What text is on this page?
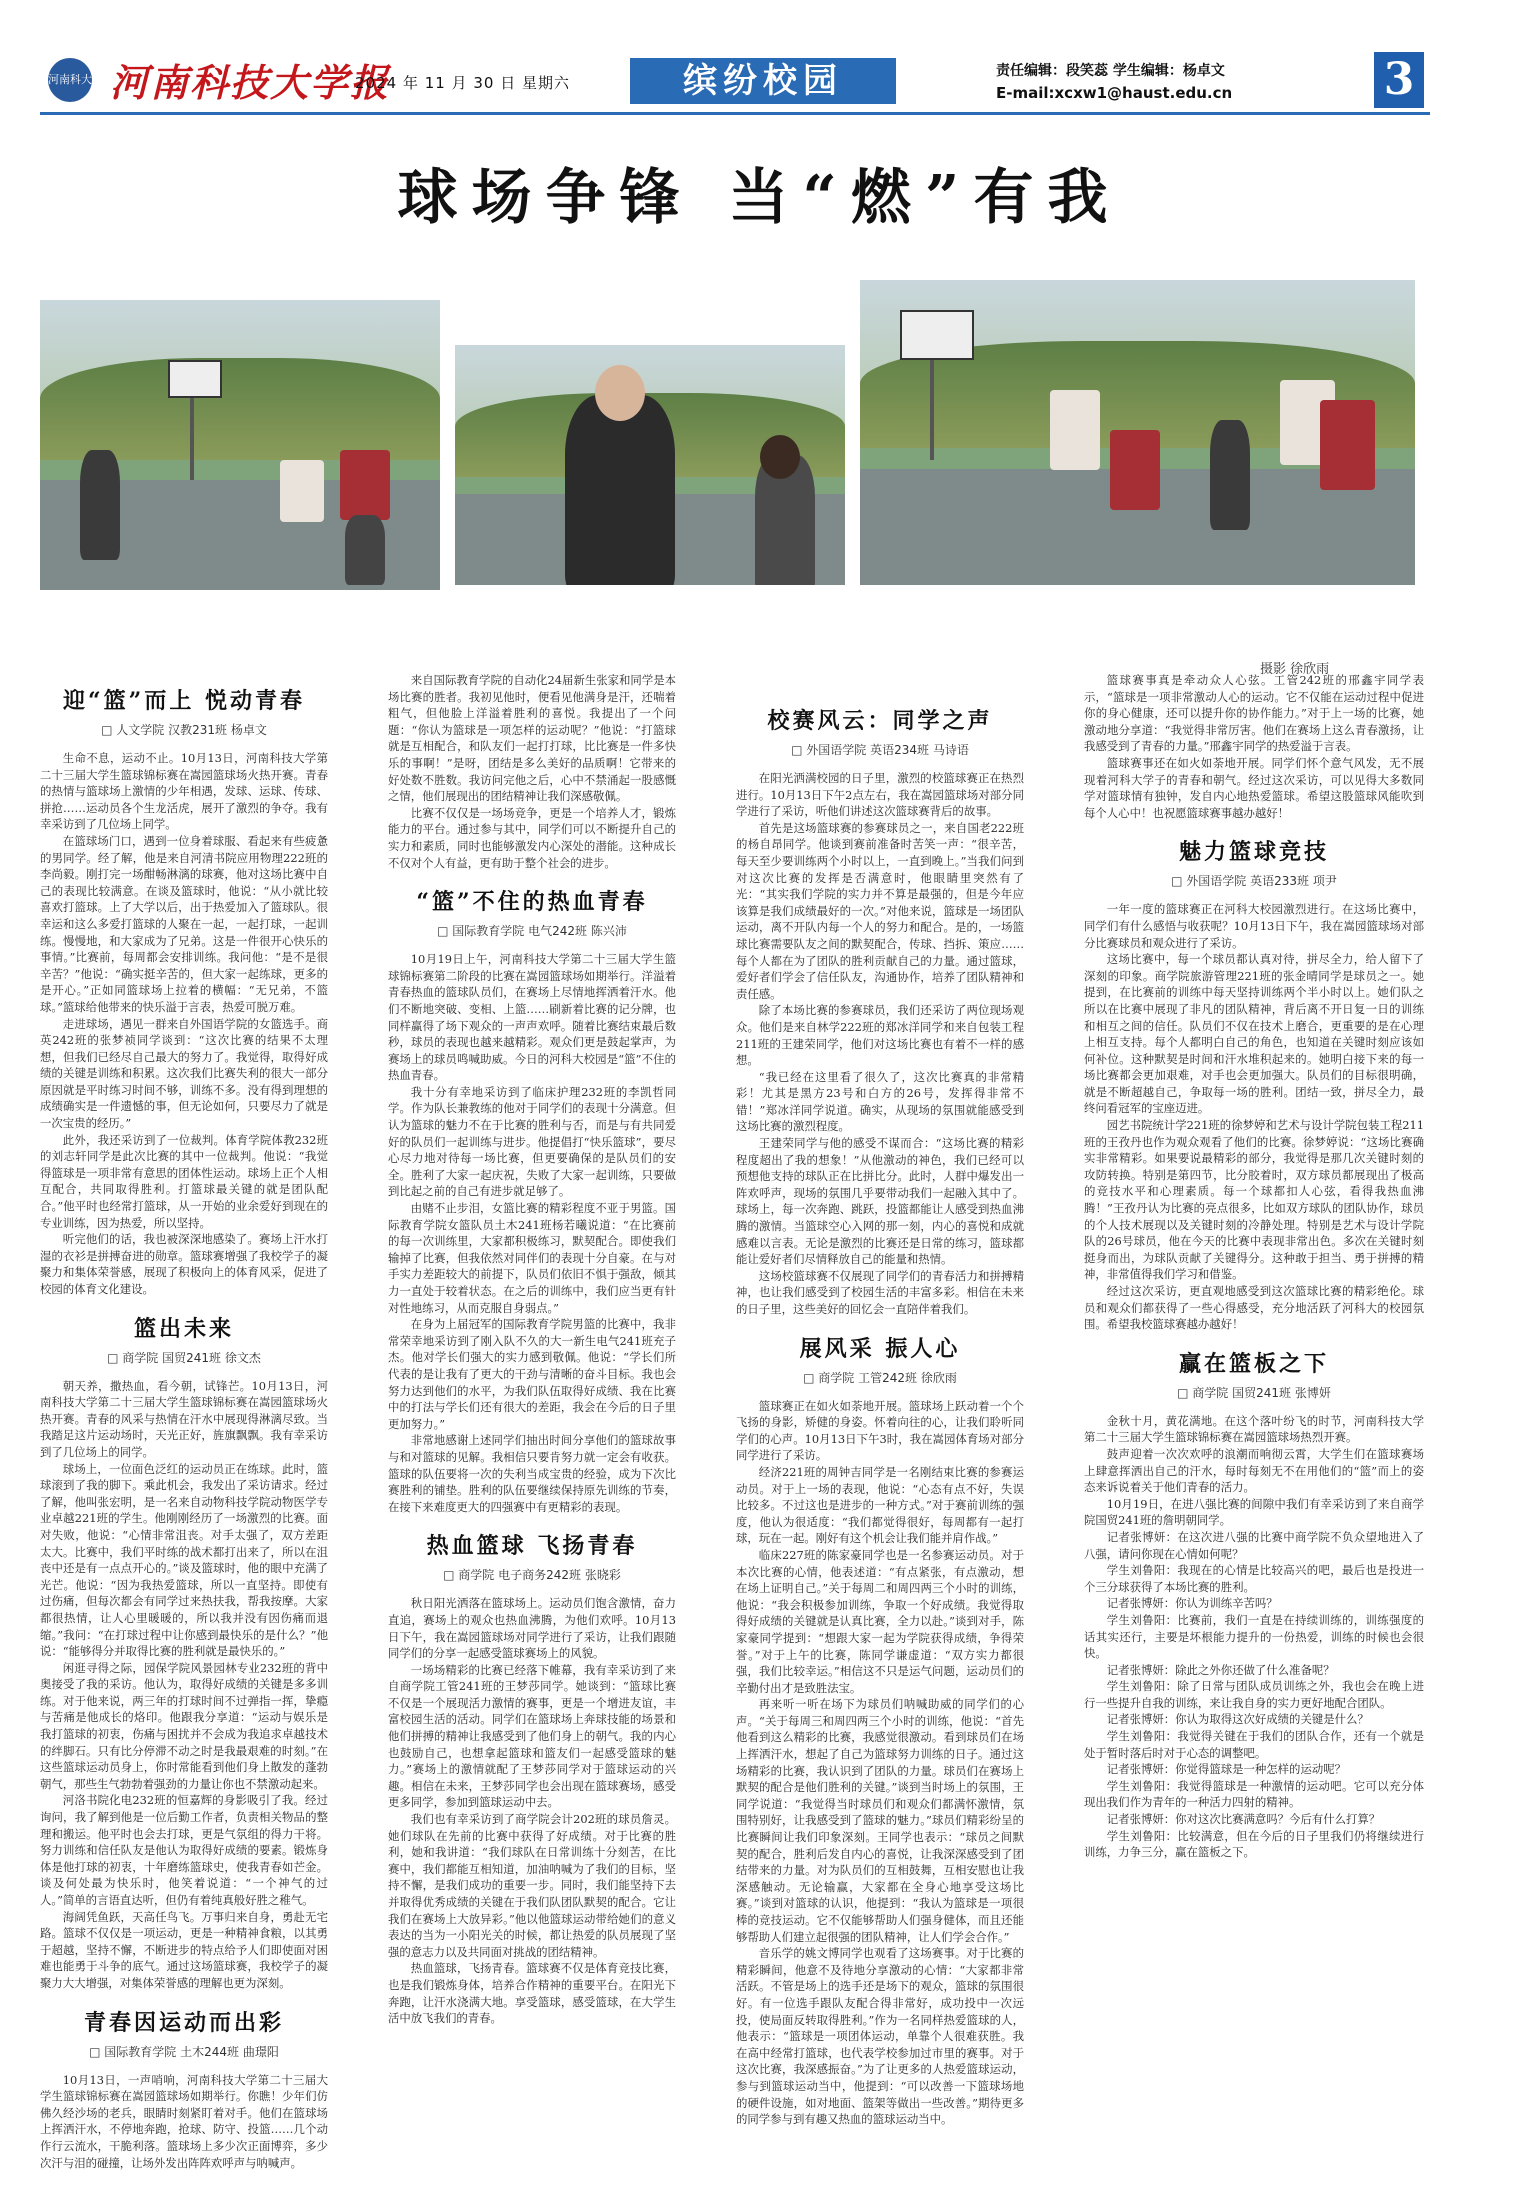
河南科大 河南科技大学报
2024 年 11 月 30 日 星期六	缤纷校园	责任编辑：段笑蕊 学生编辑：杨卓文
E-mail:xcxw1@haust.edu.cn	3
球场争锋 当“燃”有我
摄影 徐欣雨
迎“篮”而上 悦动青春
□ 人文学院 汉教231班 杨卓文

生命不息，运动不止。10月13日，河南科技大学第二十三届大学生篮球锦标赛在嵩园篮球场火热开赛。青春的热情与篮球场上激情的少年相遇，发球、运球、传球、拼抢……运动员各个生龙活虎，展开了激烈的争夺。我有幸采访到了几位场上同学。

在篮球场门口，遇到一位身着球服、看起来有些疲惫的男同学。经了解，他是来自河清书院应用物理222班的李尚毅。刚打完一场酣畅淋漓的球赛，他对这场比赛中自己的表现比较满意。在谈及篮球时，他说：“从小就比较喜欢打篮球。上了大学以后，出于热爱加入了篮球队。很幸运和这么多爱打篮球的人聚在一起，一起打球，一起训练。慢慢地，和大家成为了兄弟。这是一件很开心快乐的事情。”比赛前，每周都会安排训练。我问他：“是不是很辛苦？”他说：“确实挺辛苦的，但大家一起练球，更多的是开心。”正如同篮球场上拉着的横幅：“无兄弟，不篮球。”篮球给他带来的快乐溢于言表，热爱可脱万难。

走进球场，遇见一群来自外国语学院的女篮选手。商英242班的张梦祯同学谈到：“这次比赛的结果不太理想，但我们已经尽自己最大的努力了。我觉得，取得好成绩的关键是训练和积累。这次我们比赛失利的很大一部分原因就是平时练习时间不够，训练不多。没有得到理想的成绩确实是一件遗憾的事，但无论如何，只要尽力了就是一次宝贵的经历。”

此外，我还采访到了一位裁判。体育学院体教232班的刘志轩同学是此次比赛的其中一位裁判。他说：“我觉得篮球是一项非常有意思的团体性运动。球场上正个人相互配合，共同取得胜利。打篮球最关键的就是团队配合。”他平时也经常打篮球，从一开始的业余爱好到现在的专业训练，因为热爱，所以坚持。

听完他们的话，我也被深深地感染了。赛场上汗水打湿的衣衫是拼搏奋进的勋章。篮球赛增强了我校学子的凝聚力和集体荣誉感，展现了积极向上的体育风采，促进了校园的体育文化建设。

篮出未来
□ 商学院 国贸241班 徐文杰

朝天养，撒热血，看今朝，试锋芒。10月13日，河南科技大学第二十三届大学生篮球锦标赛在嵩园篮球场火热开赛。青春的风采与热情在汗水中展现得淋漓尽致。当我踏足这片运动场时，天光正好，旌旗飘飘。我有幸采访到了几位场上的同学。

球场上，一位面色泛红的运动员正在练球。此时，篮球滚到了我的脚下。乘此机会，我发出了采访请求。经过了解，他叫张宏明，是一名来自动物科技学院动物医学专业卓越221班的学生。他刚刚经历了一场激烈的比赛。面对失败，他说：“心情非常沮丧。对手太强了，双方差距太大。比赛中，我们平时练的战术都打出来了，所以在沮丧中还是有一点点开心的。”谈及篮球时，他的眼中充满了光芒。他说：“因为我热爱篮球，所以一直坚持。即使有过伤痛，但每次都会有同学过来热扶我，帮我按摩。大家都很热情，让人心里暖暖的，所以我并没有因伤痛而退缩。”我问：“在打球过程中让你感到最快乐的是什么？”他说：“能够得分并取得比赛的胜利就是最快乐的。”

闲逛寻得之际，园保学院风景园林专业232班的背中奥接受了我的采访。他认为，取得好成绩的关键是多多训练。对于他来说，两三年的打球时间不过弹指一挥，挚瘾与苦痛是他成长的烙印。他跟我分享道：“运动与娱乐是我打篮球的初衷，伤痛与困扰并不会成为我追求卓越技术的绊脚石。只有比分停滞不动之时是我最艰难的时刻。”在这些篮球运动员身上，你时常能看到他们身上散发的蓬勃朝气，那些生气勃勃着强劲的力量让你也不禁激动起来。

河洛书院化电232班的恒嘉辉的身影吸引了我。经过询问，我了解到他是一位后勤工作者，负责相关物品的整理和搬运。他平时也会去打球，更是气氛组的得力干将。努力训练和信任队友是他认为取得好成绩的要素。锻炼身体是他打球的初衷，十年磨练篮球史，使我青春如芒金。谈及何处最为快乐时，他笑着说道：“一个神气的过人。”简单的言语直达听，但仍有着纯真般好胜之稚气。

海阔凭鱼跃，天高任鸟飞。万事归来自身，勇赴无宅路。篮球不仅仅是一项运动，更是一种精神食粮，以其勇于超越，坚持不懈，不断进步的特点给予人们即使面对困难也能勇于斗争的底气。通过这场篮球赛，我校学子的凝聚力大大增强，对集体荣誉感的理解也更为深刻。

青春因运动而出彩
□ 国际教育学院 土木244班 曲璟阳

10月13日，一声哨响，河南科技大学第二十三届大学生篮球锦标赛在嵩园篮球场如期举行。你瞧！少年们仿佛久经沙场的老兵，眼睛时刻紧盯着对手。他们在篮球场上挥洒汗水，不停地奔跑，抢球、防守、投篮……几个动作行云流水，干脆利落。篮球场上多少次正面博弈，多少次汗与泪的碰撞，让场外发出阵阵欢呼声与呐喊声。

来自国际教育学院的自动化24届新生张家和同学是本场比赛的胜者。我初见他时，便看见他满身是汗，还喘着粗气，但他脸上洋溢着胜利的喜悦。我提出了一个问题：“你认为篮球是一项怎样的运动呢？”他说：“打篮球就是互相配合，和队友们一起打打球，比比赛是一件多快乐的事啊！”是呀，团结是多么美好的品质啊！它带来的好处数不胜数。我访问完他之后，心中不禁涌起一股感慨之情，他们展现出的团结精神让我们深感敬佩。

比赛不仅仅是一场场竞争，更是一个培养人才，锻炼能力的平台。通过参与其中，同学们可以不断提升自己的实力和素质，同时也能够激发内心深处的潜能。这种成长不仅对个人有益，更有助于整个社会的进步。

“篮”不住的热血青春
□ 国际教育学院 电气242班 陈兴沛

10月19日上午，河南科技大学第二十三届大学生篮球锦标赛第二阶段的比赛在嵩园篮球场如期举行。洋溢着青春热血的篮球队员们，在赛场上尽情地挥洒着汗水。他们不断地突破、变相、上篮……刷新着比赛的记分牌，也同样赢得了场下观众的一声声欢呼。随着比赛结束最后数秒，球员的表现也越来越精彩。观众们更是鼓起掌声，为赛场上的球员鸣喊助威。今日的河科大校园是“篮”不住的热血青春。

我十分有幸地采访到了临床护理232班的李凯哲同学。作为队长兼教练的他对于同学们的表现十分满意。但认为篮球的魅力不在于比赛的胜利与否，而是与有共同爱好的队员们一起训练与进步。他提倡打“快乐篮球”，要尽心尽力地对待每一场比赛，但更要确保的是队员们的安全。胜利了大家一起庆祝，失败了大家一起训练，只要做到比起之前的自己有进步就足够了。

由赌不止步泪，女篮比赛的精彩程度不亚于男篮。国际教育学院女篮队员土木241班杨若曦说道：“在比赛前的每一次训练里，大家都积极练习，默契配合。即使我们输掉了比赛，但我依然对同伴们的表现十分自豪。在与对手实力差距较大的前提下，队员们依旧不惧于强敌，倾其力一直处于较着状态。在之后的训练中，我们应当更有针对性地练习，从而克服自身弱点。”

在身为上届冠军的国际教育学院男篮的比赛中，我非常荣幸地采访到了刚入队不久的大一新生电气241班充子杰。他对学长们强大的实力感到敬佩。他说：“学长们所代表的是让我有了更大的干劲与清晰的奋斗目标。我也会努力达到他们的水平，为我们队伍取得好成绩、我在比赛中的打法与学长们还有很大的差距，我会在今后的日子里更加努力。”

非常地感谢上述同学们抽出时间分享他们的篮球故事与和对篮球的见解。我相信只要肯努力就一定会有收获。篮球的队伍要将一次的失利当成宝贵的经验，成为下次比赛胜利的铺垫。胜利的队伍要继续保持原先训练的节奏，在接下来难度更大的四强赛中有更精彩的表现。

热血篮球 飞扬青春
□ 商学院 电子商务242班 张晓彩

秋日阳光洒落在篮球场上。运动员们饱含激情，奋力直追，赛场上的观众也热血沸腾，为他们欢呼。10月13日下午，我在嵩园篮球场对同学进行了采访，让我们跟随同学们的分享一起感受篮球赛场上的风貌。

一场场精彩的比赛已经落下帷幕，我有幸采访到了来自商学院工管241班的王梦莎同学。她谈到：“篮球比赛不仅是一个展现活力激情的赛事，更是一个增进友谊，丰富校园生活的活动。同学们在篮球场上奔球技能的场景和他们拼搏的精神让我感受到了他们身上的朝气。我的内心也鼓励自己，也想拿起篮球和篮友们一起感受篮球的魅力。”赛场上的激情就配了王梦莎同学对于篮球运动的兴趣。相信在未来，王梦莎同学也会出现在篮球赛场，感受更多同学，参加到篮球运动中去。

我们也有幸采访到了商学院会计202班的球员詹灵。她们球队在先前的比赛中获得了好成绩。对于比赛的胜利，她和我讲道：“我们球队在日常训练十分刻苦，在比赛中，我们都能互相知道，加油呐喊为了我们的目标，坚持不懈，是我们成功的重要一步。同时，我们能坚持下去并取得优秀成绩的关键在于我们队团队默契的配合。它让我们在赛场上大放异彩。”他以他篮球运动带给她们的意义表达的当为一小阳光关的时候，都让热爱的队员展现了坚强的意志力以及共同面对挑战的团结精神。

热血篮球，飞扬青春。篮球赛不仅是体育竞技比赛，也是我们锻炼身体，培养合作精神的重要平台。在阳光下奔跑，让汗水浇满大地。享受篮球，感受篮球，在大学生活中放飞我们的青春。

校赛风云：同学之声
□ 外国语学院 英语234班 马诗语

在阳光洒满校园的日子里，激烈的校篮球赛正在热烈进行。10月13日下午2点左右，我在嵩园篮球场对部分同学进行了采访，听他们讲述这次篮球赛背后的故事。

首先是这场篮球赛的参赛球员之一，来自国老222班的杨自昂同学。他谈到赛前准备时苦笑一声：“很辛苦，每天至少要训练两个小时以上，一直到晚上。”当我们问到对这次比赛的发挥是否满意时，他眼睛里突然有了光：“其实我们学院的实力并不算是最强的，但是今年应该算是我们成绩最好的一次。”对他来说，篮球是一场团队运动，离不开队内每一个人的努力和配合。是的，一场篮球比赛需要队友之间的默契配合，传球、挡拆、策应……每个人都在为了团队的胜利贡献自己的力量。通过篮球，爱好者们学会了信任队友，沟通协作，培养了团队精神和责任感。

除了本场比赛的参赛球员，我们还采访了两位现场观众。他们是来自林学222班的郑冰洋同学和来自包装工程211班的王建荣同学，他们对这场比赛也有着不一样的感想。

“我已经在这里看了很久了，这次比赛真的非常精彩！尤其是黑方23号和白方的26号，发挥得非常不错！”郑冰洋同学说道。确实，从现场的氛围就能感受到这场比赛的激烈程度。

王建荣同学与他的感受不谋而合：“这场比赛的精彩程度超出了我的想象！”从他激动的神色，我们已经可以预想他支持的球队正在比拼比分。此时，人群中爆发出一阵欢呼声，现场的氛围几乎要带动我们一起融入其中了。球场上，每一次奔跑、跳跃，投篮都能让人感受到热血沸腾的激情。当篮球空心入网的那一刻，内心的喜悦和成就感难以言表。无论是激烈的比赛还是日常的练习，篮球都能让爱好者们尽情释放自己的能量和热情。

这场校篮球赛不仅展现了同学们的青春活力和拼搏精神，也让我们感受到了校园生活的丰富多彩。相信在未来的日子里，这些美好的回忆会一直陪伴着我们。

展风采 振人心
□ 商学院 工管242班 徐欣雨

篮球赛正在如火如荼地开展。篮球场上跃动着一个个飞扬的身影，矫健的身姿。怀着向往的心，让我们聆听同学们的心声。10月13日下午3时，我在嵩园体育场对部分同学进行了采访。

经济221班的周钟吉同学是一名刚结束比赛的参赛运动员。对于上一场的表现，他说：“心态有点不好，失误比较多。不过这也是进步的一种方式。”对于赛前训练的强度，他认为很适度：“我们都觉得很好，每周都有一起打球，玩在一起。刚好有这个机会让我们能并肩作战。”

临床227班的陈家豪同学也是一名参赛运动员。对于本次比赛的心情，他表述道：“有点紧张，有点激动，想在场上证明自己。”关于每周二和周四两三个小时的训练，他说：“我会积极参加训练，争取一个好成绩。我觉得取得好成绩的关键就是认真比赛，全力以赴。”谈到对手，陈家豪同学提到：“想跟大家一起为学院获得成绩，争得荣誉。”对于上午的比赛，陈同学谦虚道：“双方实力都很强，我们比较幸运。”相信这不只是运气问题，运动员们的辛勤付出才是致胜法宝。

再来听一听在场下为球员们呐喊助威的同学们的心声。“关于每周三和周四两三个小时的训练，他说：“首先他看到这么精彩的比赛，我感觉很激动。看到球员们在场上挥洒汗水，想起了自己为篮球努力训练的日子。通过这场精彩的比赛，我认识到了团队的力量。球员们在赛场上默契的配合是他们胜利的关键。”谈到当时场上的氛围，王同学说道：“我觉得当时球员们和观众们都满怀激情，氛围特别好，让我感受到了篮球的魅力。”球员们精彩纷呈的比赛瞬间让我们印象深刻。王同学也表示：“球员之间默契的配合，胜利后发自内心的喜悦，让我深深感受到了团结带来的力量。对为队员们的互相鼓舞，互相安慰也让我深感触动。无论输赢，大家都在全身心地享受这场比赛。”谈到对篮球的认识，他提到：“我认为篮球是一项很棒的竞技运动。它不仅能够帮助人们强身健体，而且还能够帮助人们建立起很强的团队精神，让人们学会合作。”

音乐学的姚文博同学也观看了这场赛事。对于比赛的精彩瞬间，他意不及待地分享激动的心情：“大家都非常活跃。不管是场上的选手还是场下的观众，篮球的氛围很好。有一位选手跟队友配合得非常好，成功投中一次远投，使局面反转取得胜利。”作为一名同样热爱篮球的人，他表示：“篮球是一项团体运动，单靠个人很难获胜。我在高中经常打篮球，也代表学校参加过市里的赛事。对于这次比赛，我深感振奋。”为了让更多的人热爱篮球运动，参与到篮球运动当中，他提到：“可以改善一下篮球场地的硬件设施，如对地面、篮架等做出一些改善。”期待更多的同学参与到有趣又热血的篮球运动当中。

篮球赛事真是牵动众人心弦。工管242班的邢鑫宇同学表示，“篮球是一项非常激动人心的运动。它不仅能在运动过程中促进你的身心健康，还可以提升你的协作能力。”对于上一场的比赛，她激动地分享道：“我觉得非常厉害。他们在赛场上这么青春激扬，让我感受到了青春的力量。”邢鑫宇同学的热爱溢于言表。

篮球赛事还在如火如荼地开展。同学们怀个意气风发，无不展现着河科大学子的青春和朝气。经过这次采访，可以见得大多数同学对篮球情有独钟，发自内心地热爱篮球。希望这股篮球风能吹到每个人心中！也祝愿篮球赛事越办越好！

魅力篮球竞技
□ 外国语学院 英语233班 项尹

一年一度的篮球赛正在河科大校园激烈进行。在这场比赛中，同学们有什么感悟与收获呢？10月13日下午，我在嵩园篮球场对部分比赛球员和观众进行了采访。

这场比赛中，每一个球员都认真对待，拼尽全力，给人留下了深刻的印象。商学院旅游管理221班的张金晴同学是球员之一。她提到，在比赛前的训练中每天坚持训练两个半小时以上。她们队之所以在比赛中展现了非凡的团队精神，背后离不开日复一日的训练和相互之间的信任。队员们不仅在技术上磨合，更重要的是在心理上相互支持。每个人都明白自己的角色，也知道在关键时刻应该如何补位。这种默契是时间和汗水堆积起来的。她明白接下来的每一场比赛都会更加艰难，对手也会更加强大。队员们的目标很明确，就是不断超越自己，争取每一场的胜利。团结一致，拼尽全力，最终问看冠军的宝座迈进。

园艺书院统计学221班的徐梦婷和艺术与设计学院包装工程211班的王孜丹也作为观众观看了他们的比赛。徐梦婷说：“这场比赛确实非常精彩。如果要说最精彩的部分，我觉得是那几次关键时刻的攻防转换。特别是第四节，比分胶着时，双方球员都展现出了极高的竞技水平和心理素质。每一个球都扣人心弦，看得我热血沸腾！”王孜丹认为比赛的亮点很多，比如双方球队的团队协作，球员的个人技术展现以及关键时刻的冷静处理。特别是艺术与设计学院队的26号球员，他在今天的比赛中表现非常出色。多次在关键时刻挺身而出，为球队贡献了关键得分。这种敢于担当、勇于拼搏的精神，非常值得我们学习和借鉴。

经过这次采访，更直观地感受到这次篮球比赛的精彩绝伦。球员和观众们都获得了一些心得感受，充分地活跃了河科大的校园氛围。希望我校篮球赛越办越好！

赢在篮板之下
□ 商学院 国贸241班 张博妍

金秋十月，黄花满地。在这个落叶纷飞的时节，河南科技大学第二十三届大学生篮球锦标赛在嵩园篮球场热烈开赛。

鼓声迎着一次次欢呼的浪潮而响彻云霄，大学生们在篮球赛场上肆意挥洒出自己的汗水，每时每刻无不在用他们的“篮”而上的姿态来诉说着关于他们青春的活力。

10月19日，在进八强比赛的间隙中我们有幸采访到了来自商学院国贸241班的詹明朝同学。

记者张博妍：在这次进八强的比赛中商学院不负众望地进入了八强，请问你现在心情如何呢？

学生刘鲁阳：我现在的心情是比较高兴的吧，最后也是投进一个三分球获得了本场比赛的胜利。

记者张博妍：你认为训练辛苦吗？

学生刘鲁阳：比赛前，我们一直是在持续训练的，训练强度的话其实还行，主要是坏根能力提升的一份热爱，训练的时候也会很快。

记者张博妍：除此之外你还做了什么准备呢？

学生刘鲁阳：除了日常与团队成员训练之外，我也会在晚上进行一些提升自我的训练，来让我自身的实力更好地配合团队。

记者张博妍：你认为取得这次好成绩的关键是什么？

学生刘鲁阳：我觉得关键在于我们的团队合作，还有一个就是处于暂时落后时对于心态的调整吧。

记者张博妍：你觉得篮球是一种怎样的运动呢？

学生刘鲁阳：我觉得篮球是一种激情的运动吧。它可以充分体现出我们作为青年的一种活力四射的精神。

记者张博妍：你对这次比赛满意吗？今后有什么打算？

学生刘鲁阳：比较满意，但在今后的日子里我们仍将继续进行训练，力争三分，赢在篮板之下。
